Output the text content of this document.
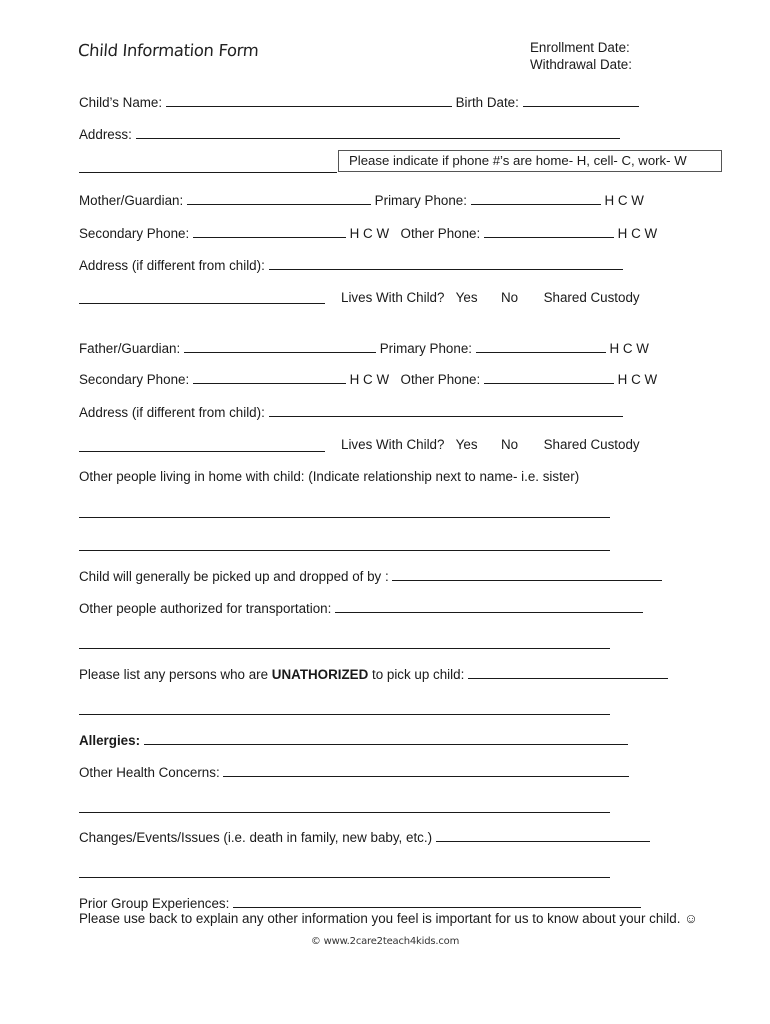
Child Information Form	Enrollment Date:
Withdrawal Date:
Child’s Name:	Birth Date:
Address:
Please indicate if phone #’s are home- H, cell- C, work- W
Mother/Guardian:	Primary Phone:	H C W
Secondary Phone:	H C W Other Phone:	H C W
Address (if different from child):
Lives With Child? Yes No Shared Custody
Father/Guardian:	Primary Phone:	H C W
Secondary Phone:	H C W Other Phone:	H C W
Address (if different from child):
Lives With Child? Yes No Shared Custody
Other people living in home with child: (Indicate relationship next to name- i.e. sister)
Child will generally be picked up and dropped of by :
Other people authorized for transportation:
Please list any persons who are UNATHORIZED to pick up child:
Allergies:
Other Health Concerns:
Changes/Events/Issues (i.e. death in family, new baby, etc.)
Prior Group Experiences:
Please use back to explain any other information you feel is important for us to know about your child. ☺
© www.2care2teach4kids.com
